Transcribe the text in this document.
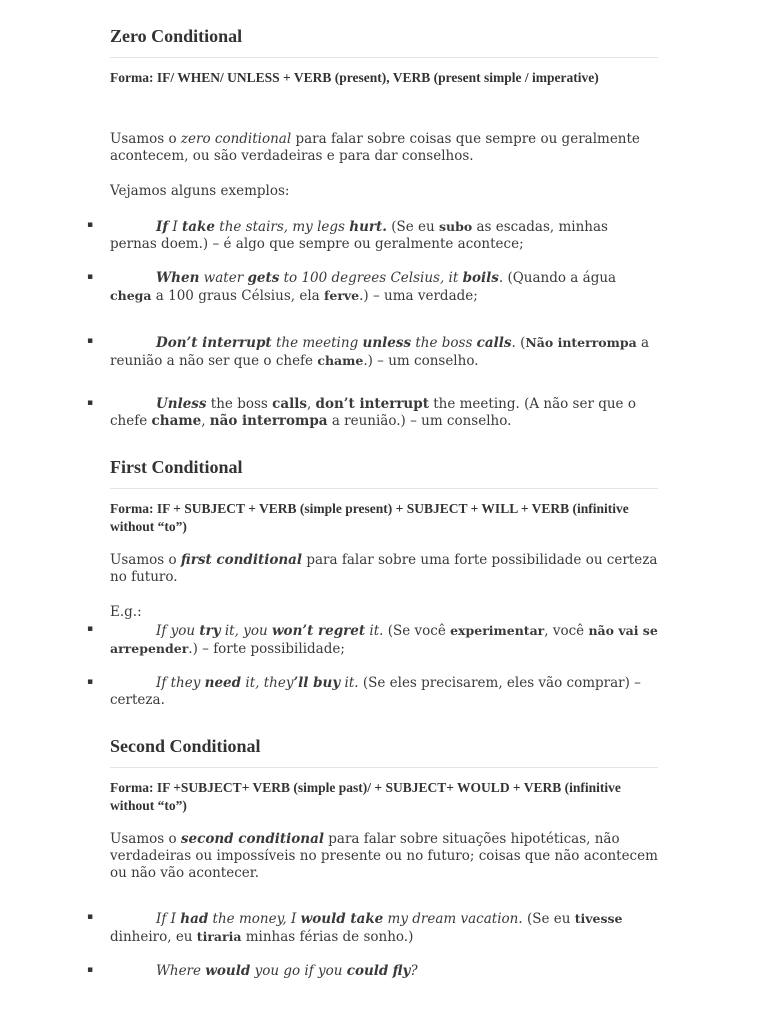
Zero Conditional

Forma: IF/ WHEN/ UNLESS + VERB (present), VERB (present simple / imperative)

Usamos o zero conditional para falar sobre coisas que sempre ou geralmente acontecem, ou são verdadeiras e para dar conselhos.

Vejamos alguns exemplos:

▪	If I take the stairs, my legs hurt. (Se eu subo as escadas, minhas pernas doem.) – é algo que sempre ou geralmente acontece;
▪	When water gets to 100 degrees Celsius, it boils. (Quando a água chega a 100 graus Célsius, ela ferve.) – uma verdade;
▪	Don’t interrupt the meeting unless the boss calls. (Não interrompa a reunião a não ser que o chefe chame.) – um conselho.
▪	Unless the boss calls, don’t interrupt the meeting. (A não ser que o chefe chame, não interrompa a reunião.) – um conselho.
First Conditional

Forma: IF + SUBJECT + VERB (simple present) + SUBJECT + WILL + VERB (infinitive without “to”)

Usamos o first conditional para falar sobre uma forte possibilidade ou certeza no futuro.

E.g.:

▪	If you try it, you won’t regret it. (Se você experimentar, você não vai se arrepender.) – forte possibilidade;
▪	If they need it, they’ll buy it. (Se eles precisarem, eles vão comprar) – certeza.
Second Conditional

Forma: IF +SUBJECT+ VERB (simple past)/ + SUBJECT+ WOULD + VERB (infinitive without “to”)

Usamos o second conditional para falar sobre situações hipotéticas, não verdadeiras ou impossíveis no presente ou no futuro; coisas que não acontecem ou não vão acontecer.

▪	If I had the money, I would take my dream vacation. (Se eu tivesse dinheiro, eu tiraria minhas férias de sonho.)
▪	Where would you go if you could fly?
